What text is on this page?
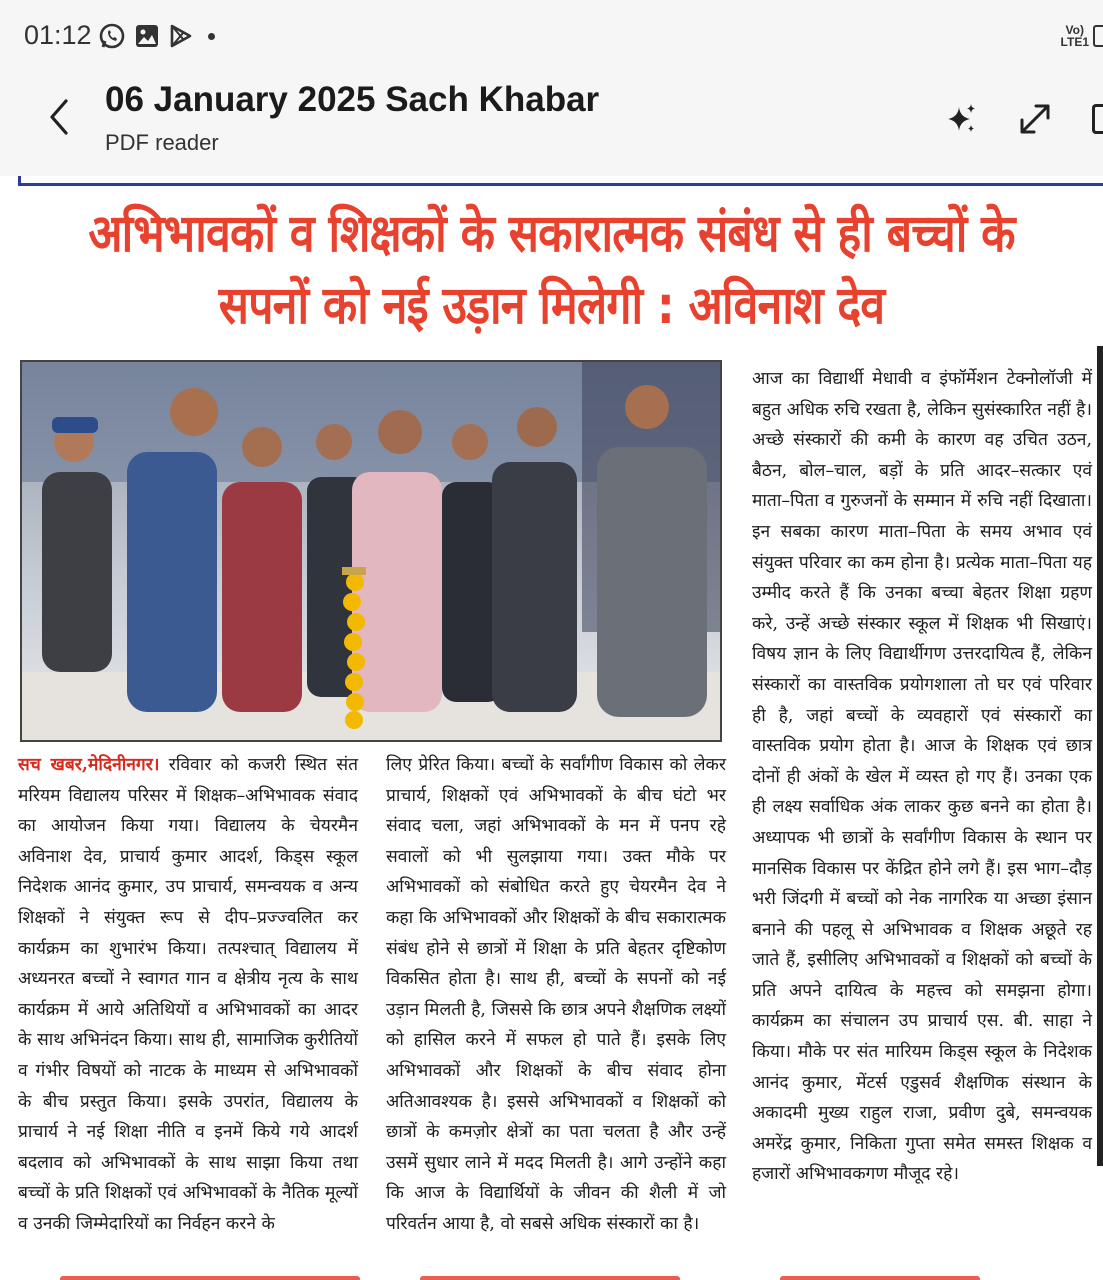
01:12	Vo)
LTE1
06 January 2025 Sach Khabar
PDF reader
अभिभावकों व शिक्षकों के सकारात्मक संबंध से ही बच्चों के
सपनों को नई उड़ान मिलेगी : अविनाश देव
सच खबर,मेदिनीनगर। रविवार को कजरी स्थित संत मरियम विद्यालय परिसर में शिक्षक–अभिभावक संवाद का आयोजन किया गया। विद्यालय के चेयरमैन अविनाश देव, प्राचार्य कुमार आदर्श, किड्स स्कूल निदेशक आनंद कुमार, उप प्राचार्य, समन्वयक व अन्य शिक्षकों ने संयुक्त रूप से दीप–प्रज्ज्वलित कर कार्यक्रम का शुभारंभ किया। तत्पश्चात् विद्यालय में अध्यनरत बच्चों ने स्वागत गान व क्षेत्रीय नृत्य के साथ कार्यक्रम में आये अतिथियों व अभिभावकों का आदर के साथ अभिनंदन किया। साथ ही, सामाजिक कुरीतियों व गंभीर विषयों को नाटक के माध्यम से अभिभावकों के बीच प्रस्तुत किया। इसके उपरांत, विद्यालय के प्राचार्य ने नई शिक्षा नीति व इनमें किये गये आदर्श बदलाव को अभिभावकों के साथ साझा किया तथा बच्चों के प्रति शिक्षकों एवं अभिभावकों के नैतिक मूल्यों व उनकी जिम्मेदारियों का निर्वहन करने के
लिए प्रेरित किया। बच्चों के सर्वांगीण विकास को लेकर प्राचार्य, शिक्षकों एवं अभिभावकों के बीच घंटो भर संवाद चला, जहां अभिभावकों के मन में पनप रहे सवालों को भी सुलझाया गया। उक्त मौके पर अभिभावकों को संबोधित करते हुए चेयरमैन देव ने कहा कि अभिभावकों और शिक्षकों के बीच सकारात्मक संबंध होने से छात्रों में शिक्षा के प्रति बेहतर दृष्टिकोण विकसित होता है। साथ ही, बच्चों के सपनों को नई उड़ान मिलती है, जिससे कि छात्र अपने शैक्षणिक लक्ष्यों को हासिल करने में सफल हो पाते हैं। इसके लिए अभिभावकों और शिक्षकों के बीच संवाद होना अतिआवश्यक है। इससे अभिभावकों व शिक्षकों को छात्रों के कमज़ोर क्षेत्रों का पता चलता है और उन्हें उसमें सुधार लाने में मदद मिलती है। आगे उन्होंने कहा कि आज के विद्यार्थियों के जीवन की शैली में जो परिवर्तन आया है, वो सबसे अधिक संस्कारों का है।
आज का विद्यार्थी मेधावी व इंफॉर्मेशन टेक्नोलॉजी में बहुत अधिक रुचि रखता है, लेकिन सुसंस्कारित नहीं है। अच्छे संस्कारों की कमी के कारण वह उचित उठन, बैठन, बोल–चाल, बड़ों के प्रति आदर–सत्कार एवं माता–पिता व गुरुजनों के सम्मान में रुचि नहीं दिखाता। इन सबका कारण माता–पिता के समय अभाव एवं संयुक्त परिवार का कम होना है। प्रत्येक माता–पिता यह उम्मीद करते हैं कि उनका बच्चा बेहतर शिक्षा ग्रहण करे, उन्हें अच्छे संस्कार स्कूल में शिक्षक भी सिखाएं। विषय ज्ञान के लिए विद्यार्थीगण उत्तरदायित्व हैं, लेकिन संस्कारों का वास्तविक प्रयोगशाला तो घर एवं परिवार ही है, जहां बच्चों के व्यवहारों एवं संस्कारों का वास्तविक प्रयोग होता है। आज के शिक्षक एवं छात्र दोनों ही अंकों के खेल में व्यस्त हो गए हैं। उनका एक ही लक्ष्य सर्वाधिक अंक लाकर कुछ बनने का होता है। अध्यापक भी छात्रों के सर्वांगीण विकास के स्थान पर मानसिक विकास पर केंद्रित होने लगे हैं। इस भाग–दौड़ भरी जिंदगी में बच्चों को नेक नागरिक या अच्छा इंसान बनाने की पहलू से अभिभावक व शिक्षक अछूते रह जाते हैं, इसीलिए अभिभावकों व शिक्षकों को बच्चों के प्रति अपने दायित्व के महत्त्व को समझना होगा। कार्यक्रम का संचालन उप प्राचार्य एस. बी. साहा ने किया। मौके पर संत मारियम किड्स स्कूल के निदेशक आनंद कुमार, मेंटर्स एडुसर्व शैक्षणिक संस्थान के अकादमी मुख्य राहुल राजा, प्रवीण दुबे, समन्वयक अमरेंद्र कुमार, निकिता गुप्ता समेत समस्त शिक्षक व हजारों अभिभावकगण मौजूद रहे।
